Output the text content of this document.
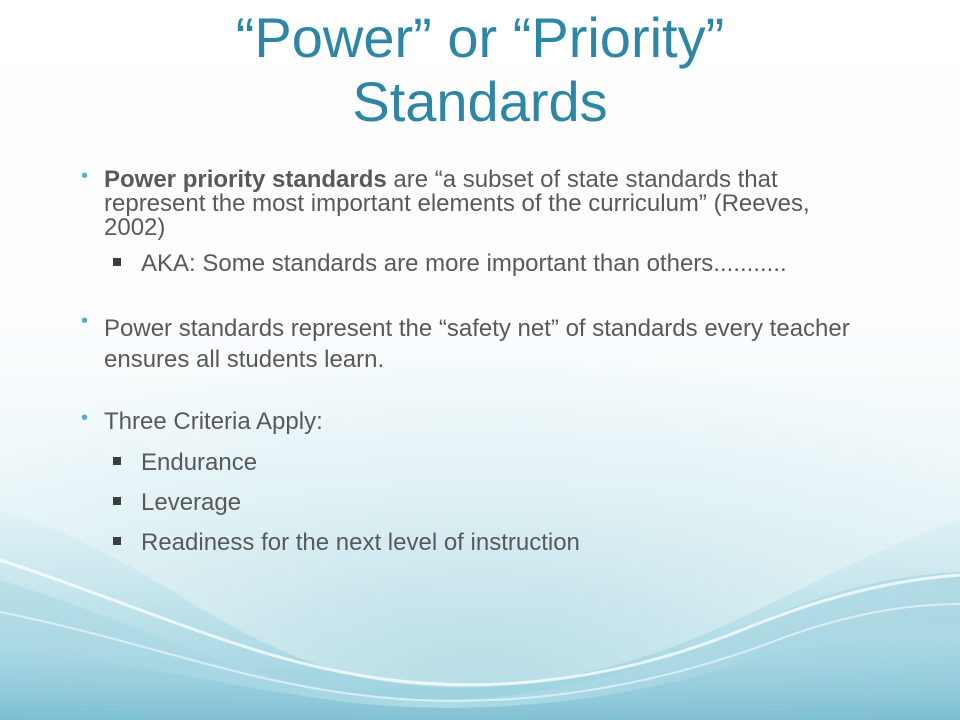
“Power” or “Priority”
Standards
• Power priority standards are “a subset of state standards that represent the most important elements of the curriculum” (Reeves, 2002)
AKA: Some standards are more important than others...........
• Power standards represent the “safety net” of standards every teacher ensures all students learn.
• Three Criteria Apply:
Endurance
Leverage
Readiness for the next level of instruction
